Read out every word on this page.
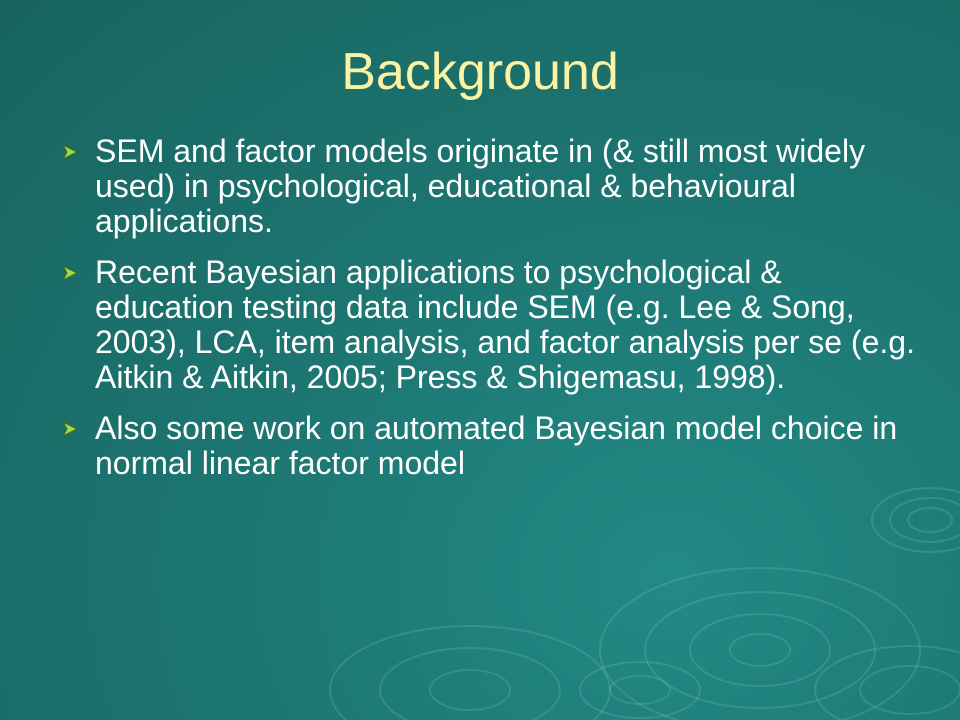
Background
SEM and factor models originate in (& still most widely used) in psychological, educational & behavioural applications.
Recent Bayesian applications to psychological & education testing data include SEM (e.g. Lee & Song, 2003), LCA, item analysis, and factor analysis per se (e.g. Aitkin & Aitkin, 2005; Press & Shigemasu, 1998).
Also some work on automated Bayesian model choice in normal linear factor model
